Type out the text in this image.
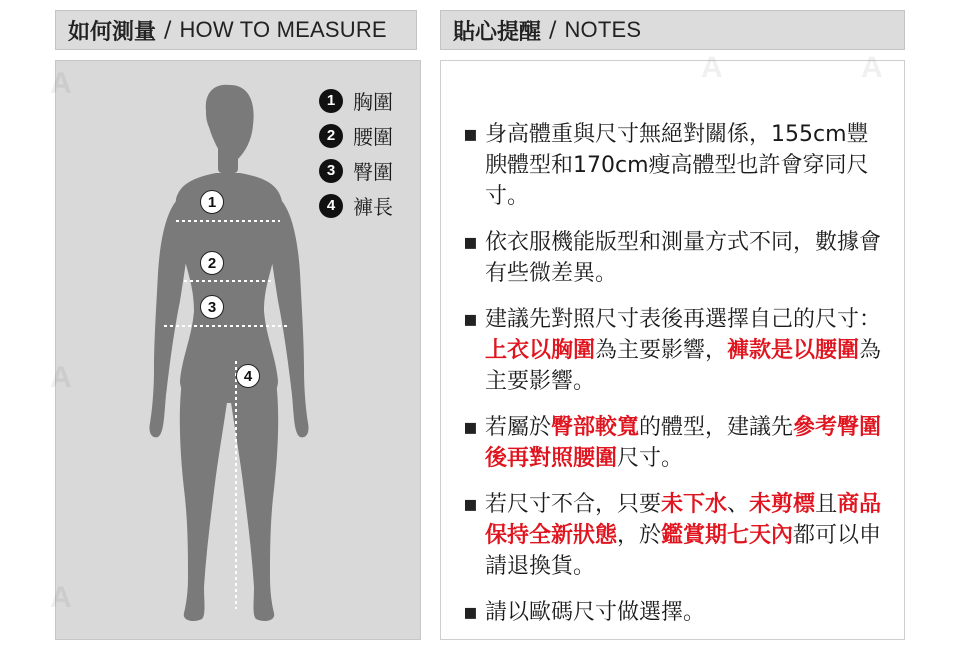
如何測量 / HOW TO MEASURE	貼心提醒 / NOTES
A
A
A
1
2
3
4
1 胸圍
2 腰圍
3 臀圍
4 褲長
A	A
▪ 身高體重與尺寸無絕對關係，155cm豐腴體型和170cm瘦高體型也許會穿同尺寸。
▪ 依衣服機能版型和測量方式不同，數據會有些微差異。
▪ 建議先對照尺寸表後再選擇自己的尺寸：上衣以胸圍為主要影響，褲款是以腰圍為主要影響。
▪ 若屬於臀部較寬的體型，建議先參考臀圍後再對照腰圍尺寸。
▪ 若尺寸不合，只要未下水、未剪標且商品保持全新狀態，於鑑賞期七天內都可以申請退換貨。
▪ 請以歐碼尺寸做選擇。
